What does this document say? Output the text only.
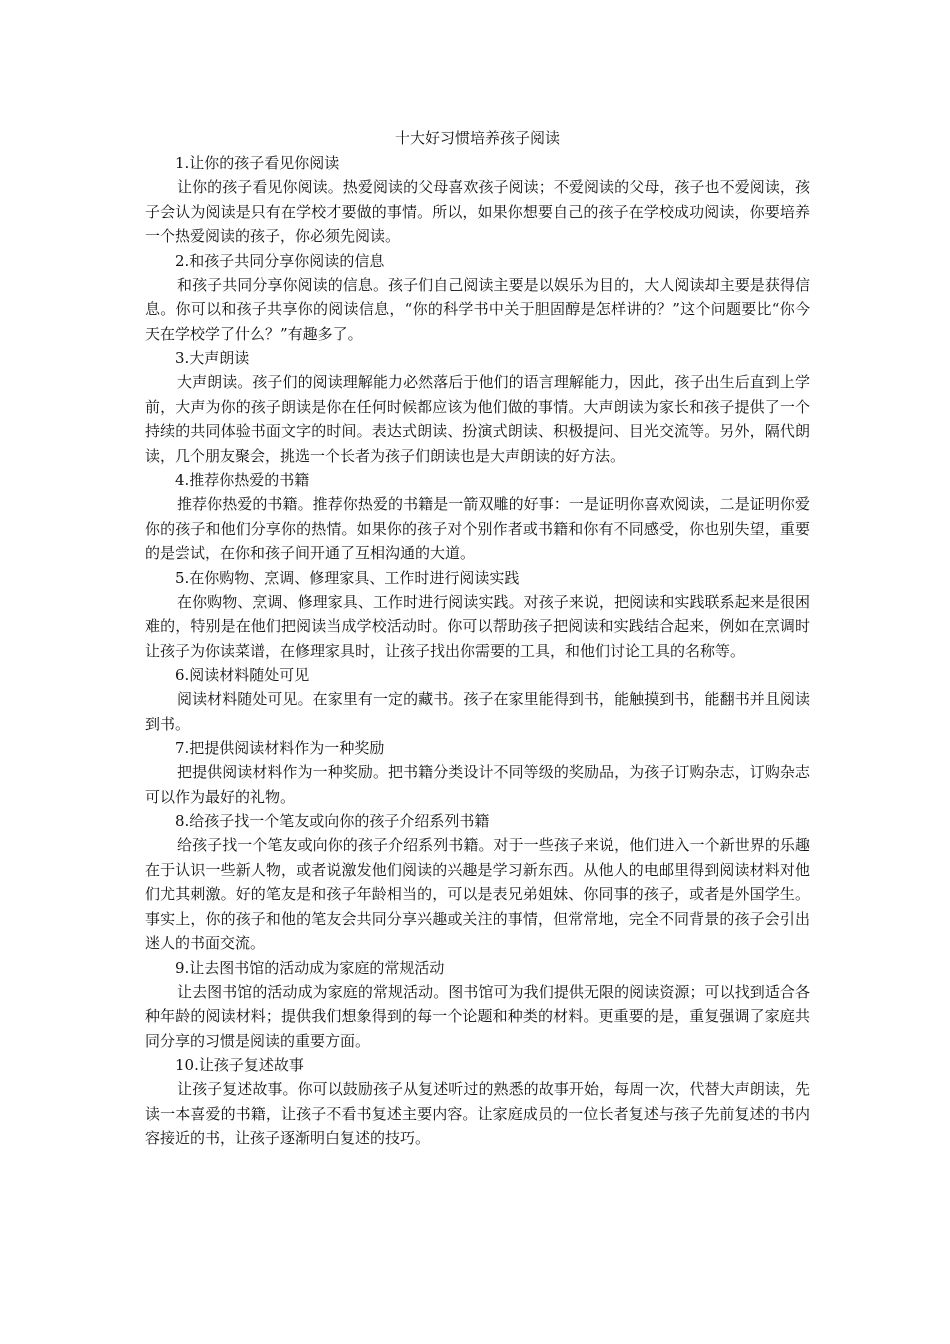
十大好习惯培养孩子阅读

1.让你的孩子看见你阅读

让你的孩子看见你阅读。热爱阅读的父母喜欢孩子阅读；不爱阅读的父母，孩子也不爱阅读，孩子会认为阅读是只有在学校才要做的事情。所以，如果你想要自己的孩子在学校成功阅读，你要培养一个热爱阅读的孩子，你必须先阅读。

2.和孩子共同分享你阅读的信息

和孩子共同分享你阅读的信息。孩子们自己阅读主要是以娱乐为目的，大人阅读却主要是获得信息。你可以和孩子共享你的阅读信息，“你的科学书中关于胆固醇是怎样讲的？”这个问题要比“你今天在学校学了什么？”有趣多了。

3.大声朗读

大声朗读。孩子们的阅读理解能力必然落后于他们的语言理解能力，因此，孩子出生后直到上学前，大声为你的孩子朗读是你在任何时候都应该为他们做的事情。大声朗读为家长和孩子提供了一个持续的共同体验书面文字的时间。表达式朗读、扮演式朗读、积极提问、目光交流等。另外，隔代朗读，几个朋友聚会，挑选一个长者为孩子们朗读也是大声朗读的好方法。

4.推荐你热爱的书籍

推荐你热爱的书籍。推荐你热爱的书籍是一箭双雕的好事：一是证明你喜欢阅读，二是证明你爱你的孩子和他们分享你的热情。如果你的孩子对个别作者或书籍和你有不同感受，你也别失望，重要的是尝试，在你和孩子间开通了互相沟通的大道。

5.在你购物、烹调、修理家具、工作时进行阅读实践

在你购物、烹调、修理家具、工作时进行阅读实践。对孩子来说，把阅读和实践联系起来是很困难的，特别是在他们把阅读当成学校活动时。你可以帮助孩子把阅读和实践结合起来，例如在烹调时让孩子为你读菜谱，在修理家具时，让孩子找出你需要的工具，和他们讨论工具的名称等。

6.阅读材料随处可见

阅读材料随处可见。在家里有一定的藏书。孩子在家里能得到书，能触摸到书，能翻书并且阅读到书。

7.把提供阅读材料作为一种奖励

把提供阅读材料作为一种奖励。把书籍分类设计不同等级的奖励品，为孩子订购杂志，订购杂志可以作为最好的礼物。

8.给孩子找一个笔友或向你的孩子介绍系列书籍

给孩子找一个笔友或向你的孩子介绍系列书籍。对于一些孩子来说，他们进入一个新世界的乐趣在于认识一些新人物，或者说激发他们阅读的兴趣是学习新东西。从他人的电邮里得到阅读材料对他们尤其刺激。好的笔友是和孩子年龄相当的，可以是表兄弟姐妹、你同事的孩子，或者是外国学生。事实上，你的孩子和他的笔友会共同分享兴趣或关注的事情，但常常地，完全不同背景的孩子会引出迷人的书面交流。

9.让去图书馆的活动成为家庭的常规活动

让去图书馆的活动成为家庭的常规活动。图书馆可为我们提供无限的阅读资源；可以找到适合各种年龄的阅读材料；提供我们想象得到的每一个论题和种类的材料。更重要的是，重复强调了家庭共同分享的习惯是阅读的重要方面。

10.让孩子复述故事

让孩子复述故事。你可以鼓励孩子从复述听过的熟悉的故事开始，每周一次，代替大声朗读，先读一本喜爱的书籍，让孩子不看书复述主要内容。让家庭成员的一位长者复述与孩子先前复述的书内容接近的书，让孩子逐渐明白复述的技巧。
